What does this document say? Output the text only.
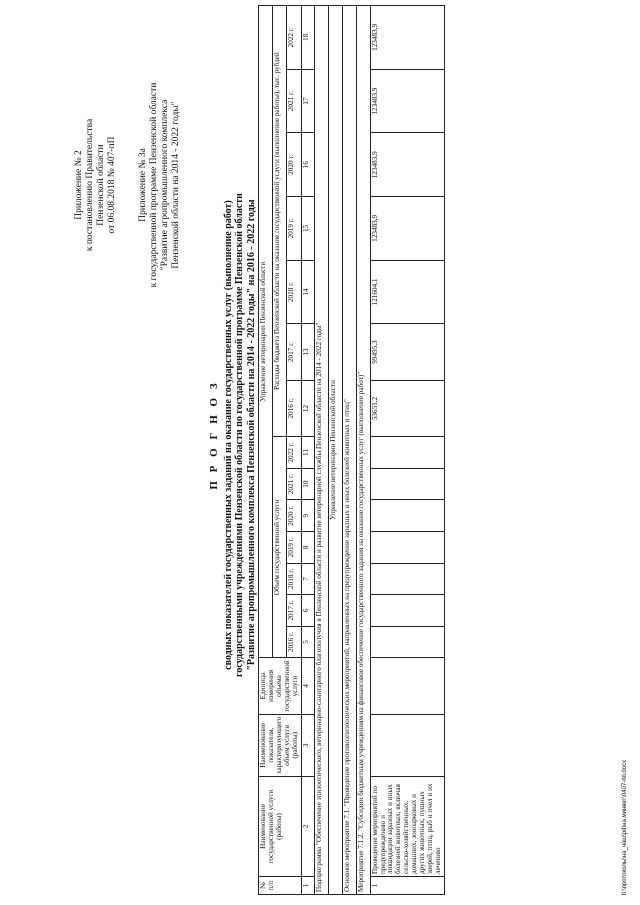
Приложение № 2 к постановлению Правительства Пензенской области от 06.08.2018 № 407-пП Приложение № 3а к государственной программе Пензенской области "Развитие агропромышленного комплекса Пензенской области на 2014 - 2022 годы"
П Р О Г Н О З сводных показателей государственных заданий на оказание государственных услуг (выполнение работ) государственными учреждениями Пензенской области по государственной программе Пензенской области "Развитие агропромышленного комплекса Пензенской области на 2014 - 2022 годы" на 2016 - 2022 годы
№ п/п	Наименование государственной услуги (работы)	Наименование показателя, характеризующего объем услуги (работы)	Единица измерения объема государственной услуги	Управление ветеринарии Пензенской области													
				Объем государственной услуги							Расходы бюджета Пензенской области на оказание государственной услуги (выполнение работы), тыс. рублей						
				2016 г.	2017 г.	2018 г.	2019 г.	2020 г.	2021 г.	2022 г.	2016 г.	2017 г.	2018 г.	2019 г.	2020 г.	2021 г.	2022 г.
1	2	3	4	5	6	7	8	9	10	11	12	13	14	15	16	17	18
Подпрограмма "Обеспечение эпизоотического, ветеринарно-санитарного благополучия в Пензенской области и развитие ветеринарной службы Пензенской области на 2014 - 2022 годы"																	
Управление ветеринарии Пензенской области																	
Основное мероприятие 7.1. "Проведение противоэпизоотических мероприятий, направленных на предупреждение заразных и иных болезней животных и птиц"																	
Мероприятие 7.1.2. "Субсидии бюджетным учреждениям на финансовое обеспечение государственного задания на оказание государственных услуг (выполнение работ)"																	
1	Проведение мероприятий по предупреждению и ликвидации заразных и иных болезней животных, включая сельско-хозяйственных, домашних, зоопарковых и других животных, пушных зверей, птиц, рыб и пчел и их лечению										53651,2	99495,3	121604,1	123483,9	123483,9	123483,9	123483,9
h:\протоколы\на_чаш\pd\на минвет\0407-пп.docx
